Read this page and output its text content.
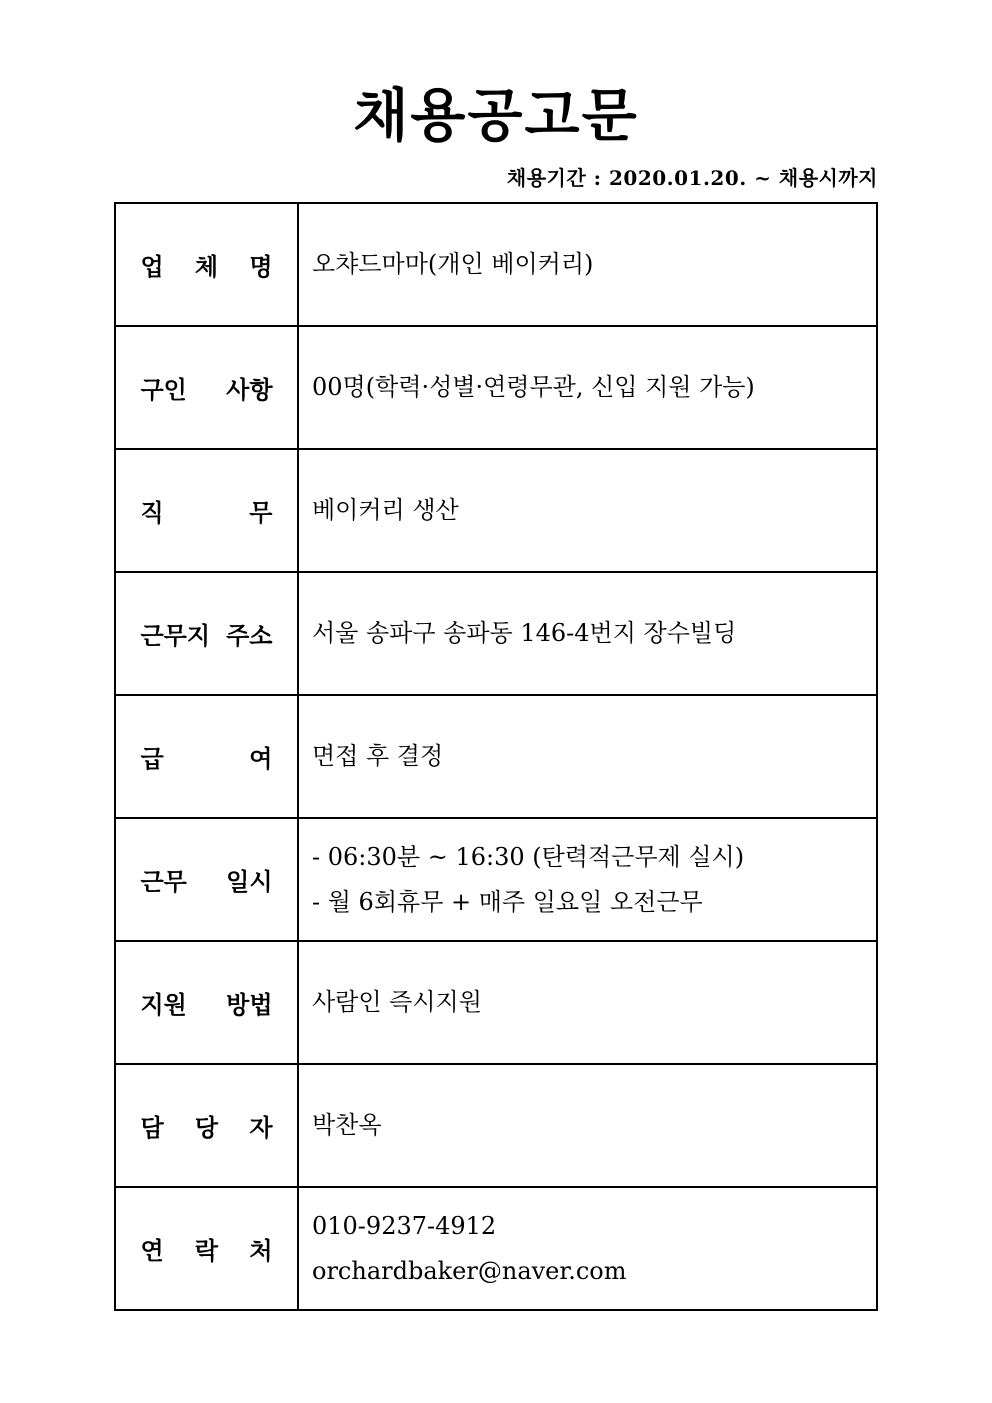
채용공고문
채용기간 : 2020.01.20. ~ 채용시까지
업 체 명	오챠드마마(개인 베이커리)

구인 사항	00명(학력·성별·연령무관, 신입 지원 가능)

직 무	베이커리 생산

근무지 주소	서울 송파구 송파동 146-4번지 장수빌딩

급 여	면접 후 결정

근무 일시	- 06:30분 ~ 16:30 (탄력적근무제 실시)
- 월 6회휴무 + 매주 일요일 오전근무

지원 방법	사람인 즉시지원

담 당 자	박찬옥

연 락 처	010-9237-4912
orchardbaker@naver.com
